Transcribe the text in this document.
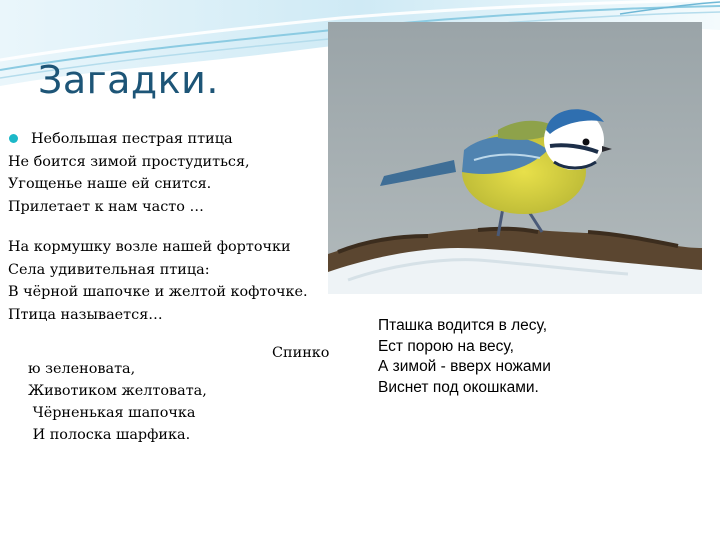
Загадки.
Небольшая пестрая птица
Не боится зимой простудиться,
Угощенье наше ей снится.
Прилетает к нам часто …
На кормушку возле нашей форточки
Села удивительная птица:
В чёрной шапочке и желтой кофточке.
Птица называется…
Спинко
ю зеленовата,
Животиком желтовата,
Чёрненькая шапочка
И полоска шарфика.
Пташка водится в лесу,
Ест порою на весу,
А зимой - вверх ножами
Виснет под окошками.
